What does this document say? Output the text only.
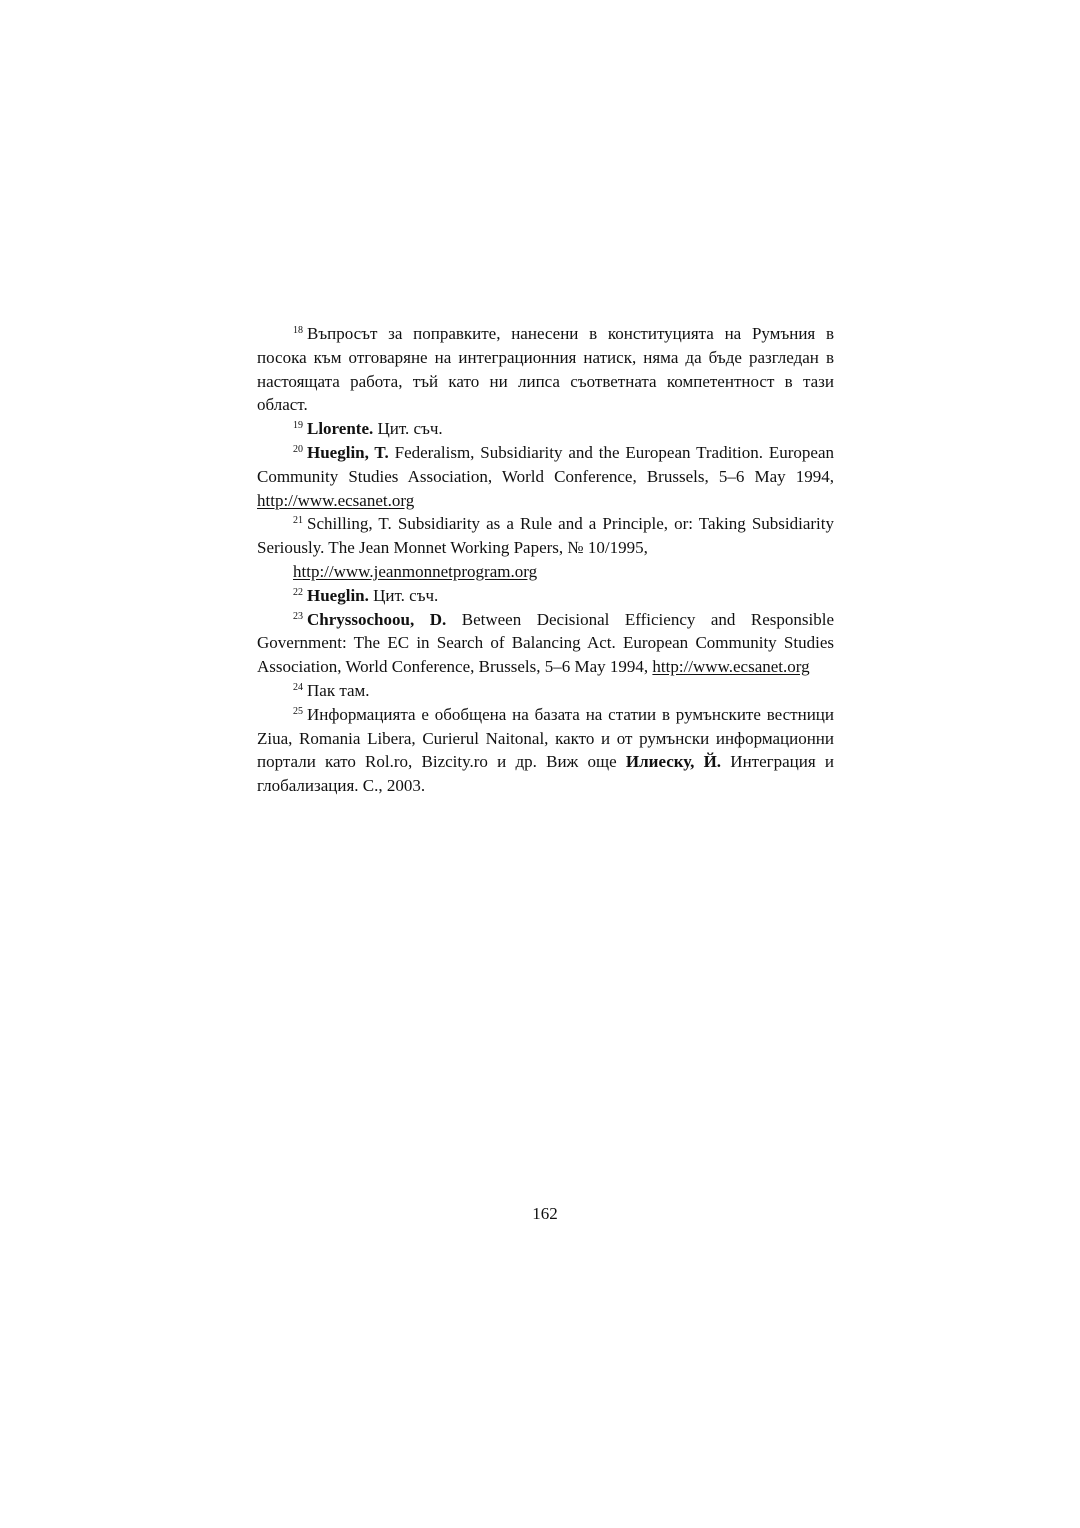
$^{18}$ Въпросът за поправките, нанесени в конституцията на Румъния в посока към отговаряне на интеграционния натиск, няма да бъде разгледан в настоящата работа, тъй като ни липса съответната компетентност в тази област.

$^{19}$ Llorente. Цит. съч.

$^{20}$ Hueglin, T. Federalism, Subsidiarity and the European Tradition. European Community Studies Association, World Conference, Brussels, 5–6 May 1994, http://www.ecsanet.org

$^{21}$ Schilling, T. Subsidiarity as a Rule and a Principle, or: Taking Subsidiarity Seriously. The Jean Monnet Working Papers, № 10/1995,
http://www.jeanmonnetprogram.org

$^{22}$ Hueglin. Цит. съч.

$^{23}$ Chryssochoou, D. Between Decisional Efficiency and Responsible Government: The EC in Search of Balancing Act. European Community Studies Association, World Conference, Brussels, 5–6 May 1994, http://www.ecsanet.org

$^{24}$ Пак там.

$^{25}$ Информацията е обобщена на базата на статии в румънските вестници Ziua, Romania Libera, Curierul Naitonal, както и от румънски информационни портали като Rol.ro, Bizcity.ro и др. Виж още Илиеску, Й. Интеграция и глобализация. С., 2003.

162
